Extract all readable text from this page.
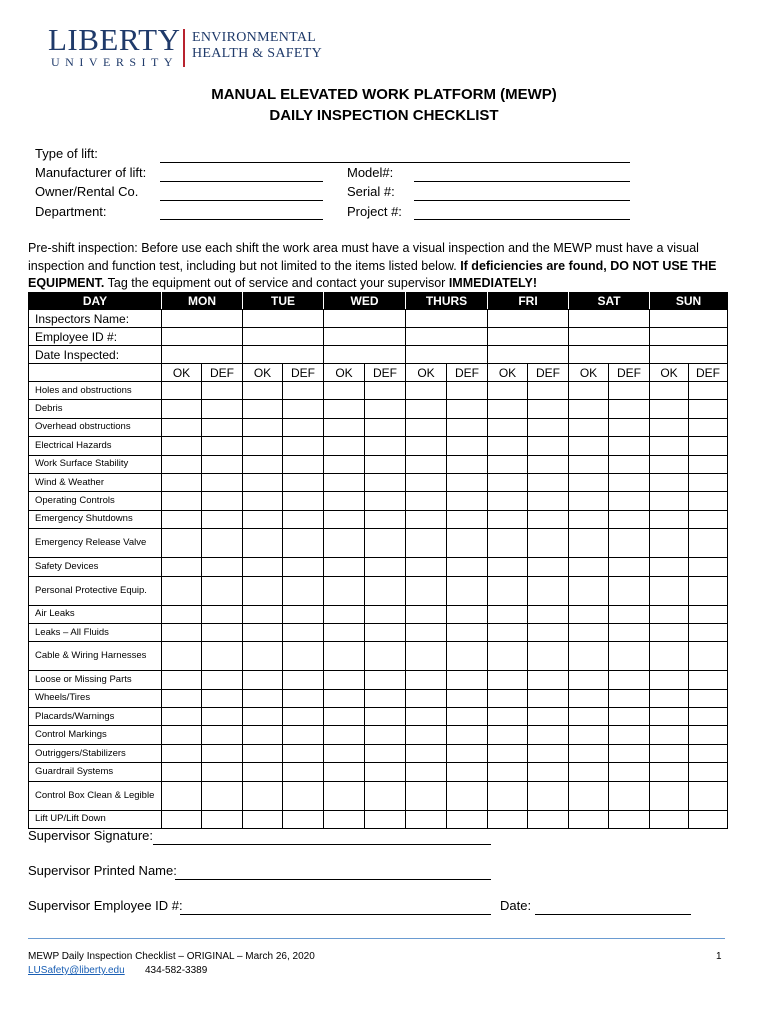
LIBERTY
UNIVERSITY
ENVIRONMENTAL
HEALTH & SAFETY
MANUAL ELEVATED WORK PLATFORM (MEWP)
DAILY INSPECTION CHECKLIST
Type of lift:
Manufacturer of lift:	Model#:
Owner/Rental Co.	Serial #:
Department:	Project #:
Pre-shift inspection: Before use each shift the work area must have a visual inspection and the MEWP must have a visual inspection and function test, including but not limited to the items listed below. If deficiencies are found, DO NOT USE THE EQUIPMENT. Tag the equipment out of service and contact your supervisor IMMEDIATELY!
DAY	MON		TUE		WED		THURS		FRI		SAT		SUN	
Inspectors Name:														
Employee ID #:														
Date Inspected:														
	OK	DEF	OK	DEF	OK	DEF	OK	DEF	OK	DEF	OK	DEF	OK	DEF
Holes and obstructions														
Debris														
Overhead obstructions														
Electrical Hazards														
Work Surface Stability														
Wind & Weather														
Operating Controls														
Emergency Shutdowns														
Emergency Release Valve														
Safety Devices														
Personal Protective Equip.														
Air Leaks														
Leaks – All Fluids														
Cable & Wiring Harnesses														
Loose or Missing Parts														
Wheels/Tires														
Placards/Warnings														
Control Markings														
Outriggers/Stabilizers														
Guardrail Systems														
Control Box Clean & Legible														
Lift UP/Lift Down														
Supervisor Signature:
Supervisor Printed Name:
Supervisor Employee ID #:	Date:
MEWP Daily Inspection Checklist – ORIGINAL – March 26, 2020	1
LUSafety@liberty.edu 434-582-3389
